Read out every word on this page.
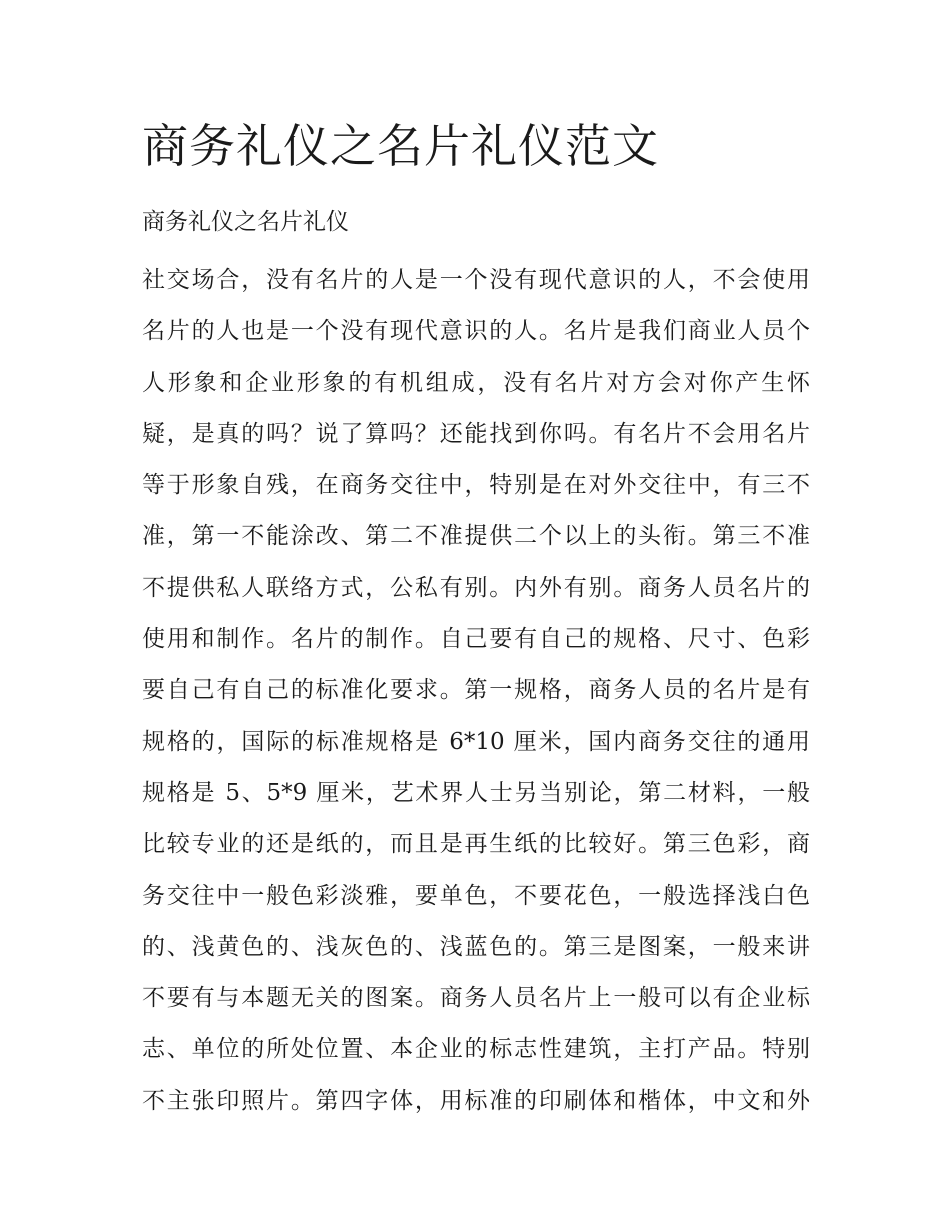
商务礼仪之名片礼仪范文
商务礼仪之名片礼仪
社交场合，没有名片的人是一个没有现代意识的人，不会使用
名片的人也是一个没有现代意识的人。名片是我们商业人员个
人形象和企业形象的有机组成，没有名片对方会对你产生怀
疑，是真的吗？说了算吗？还能找到你吗。有名片不会用名片
等于形象自残，在商务交往中，特别是在对外交往中，有三不
准，第一不能涂改、第二不准提供二个以上的头衔。第三不准
不提供私人联络方式，公私有别。内外有别。商务人员名片的
使用和制作。名片的制作。自己要有自己的规格、尺寸、色彩
要自己有自己的标准化要求。第一规格，商务人员的名片是有
规格的，国际的标准规格是 6*10 厘米，国内商务交往的通用
规格是 5、5*9 厘米，艺术界人士另当别论，第二材料，一般
比较专业的还是纸的，而且是再生纸的比较好。第三色彩，商
务交往中一般色彩淡雅，要单色，不要花色，一般选择浅白色
的、浅黄色的、浅灰色的、浅蓝色的。第三是图案，一般来讲
不要有与本题无关的图案。商务人员名片上一般可以有企业标
志、单位的所处位置、本企业的标志性建筑，主打产品。特别
不主张印照片。第四字体，用标准的印刷体和楷体，中文和外
